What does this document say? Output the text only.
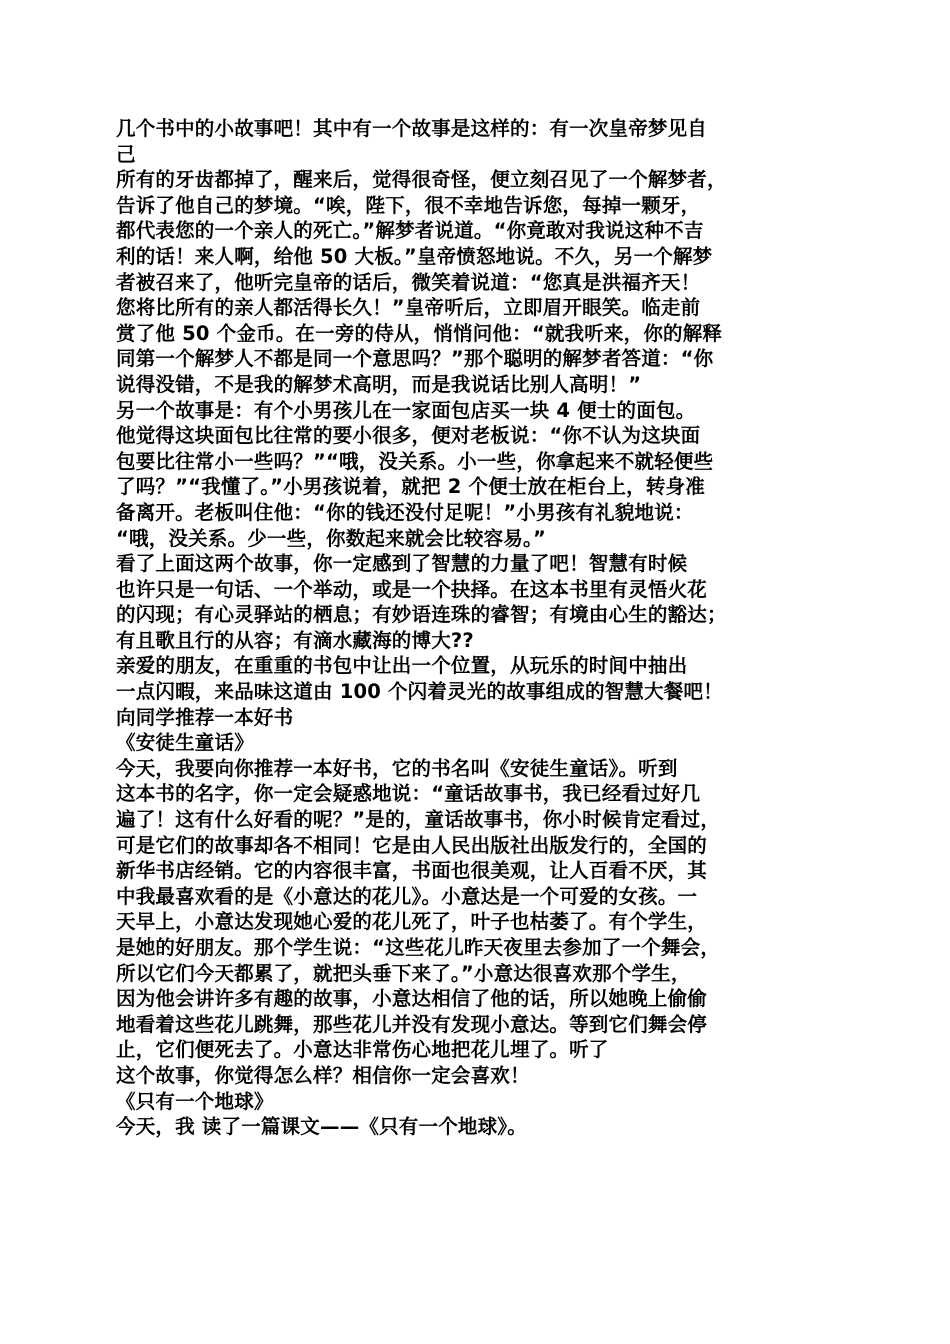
几个书中的小故事吧！其中有一个故事是这样的：有一次皇帝梦见自
己
所有的牙齿都掉了，醒来后，觉得很奇怪，便立刻召见了一个解梦者，
告诉了他自己的梦境。“唉，陛下，很不幸地告诉您，每掉一颗牙，
都代表您的一个亲人的死亡。”解梦者说道。“你竟敢对我说这种不吉
利的话！来人啊，给他 50 大板。”皇帝愤怒地说。不久，另一个解梦
者被召来了，他听完皇帝的话后，微笑着说道：“您真是洪福齐天！
您将比所有的亲人都活得长久！”皇帝听后，立即眉开眼笑。临走前
赏了他 50 个金币。在一旁的侍从，悄悄问他：“就我听来，你的解释
同第一个解梦人不都是同一个意思吗？”那个聪明的解梦者答道：“你
说得没错，不是我的解梦术高明，而是我说话比别人高明！”
另一个故事是：有个小男孩儿在一家面包店买一块 4 便士的面包。
他觉得这块面包比往常的要小很多，便对老板说：“你不认为这块面
包要比往常小一些吗？”“哦，没关系。小一些，你拿起来不就轻便些
了吗？”“我懂了。”小男孩说着，就把 2 个便士放在柜台上，转身准
备离开。老板叫住他：“你的钱还没付足呢！”小男孩有礼貌地说：
“哦，没关系。少一些，你数起来就会比较容易。”
看了上面这两个故事，你一定感到了智慧的力量了吧！智慧有时候
也许只是一句话、一个举动，或是一个抉择。在这本书里有灵悟火花
的闪现；有心灵驿站的栖息；有妙语连珠的睿智；有境由心生的豁达；
有且歌且行的从容；有滴水藏海的博大??
亲爱的朋友，在重重的书包中让出一个位置，从玩乐的时间中抽出
一点闪暇，来品味这道由 100 个闪着灵光的故事组成的智慧大餐吧！
向同学推荐一本好书
《安徒生童话》
今天，我要向你推荐一本好书，它的书名叫《安徒生童话》。听到
这本书的名字，你一定会疑惑地说：“童话故事书，我已经看过好几
遍了！这有什么好看的呢？”是的，童话故事书，你小时候肯定看过，
可是它们的故事却各不相同！它是由人民出版社出版发行的，全国的
新华书店经销。它的内容很丰富，书面也很美观，让人百看不厌，其
中我最喜欢看的是《小意达的花儿》。小意达是一个可爱的女孩。一
天早上，小意达发现她心爱的花儿死了，叶子也枯萎了。有个学生，
是她的好朋友。那个学生说：“这些花儿昨天夜里去参加了一个舞会，
所以它们今天都累了，就把头垂下来了。”小意达很喜欢那个学生，
因为他会讲许多有趣的故事，小意达相信了他的话，所以她晚上偷偷
地看着这些花儿跳舞，那些花儿并没有发现小意达。等到它们舞会停
止，它们便死去了。小意达非常伤心地把花儿埋了。听了
这个故事，你觉得怎么样？相信你一定会喜欢！
《只有一个地球》
今天，我 读了一篇课文——《只有一个地球》。
